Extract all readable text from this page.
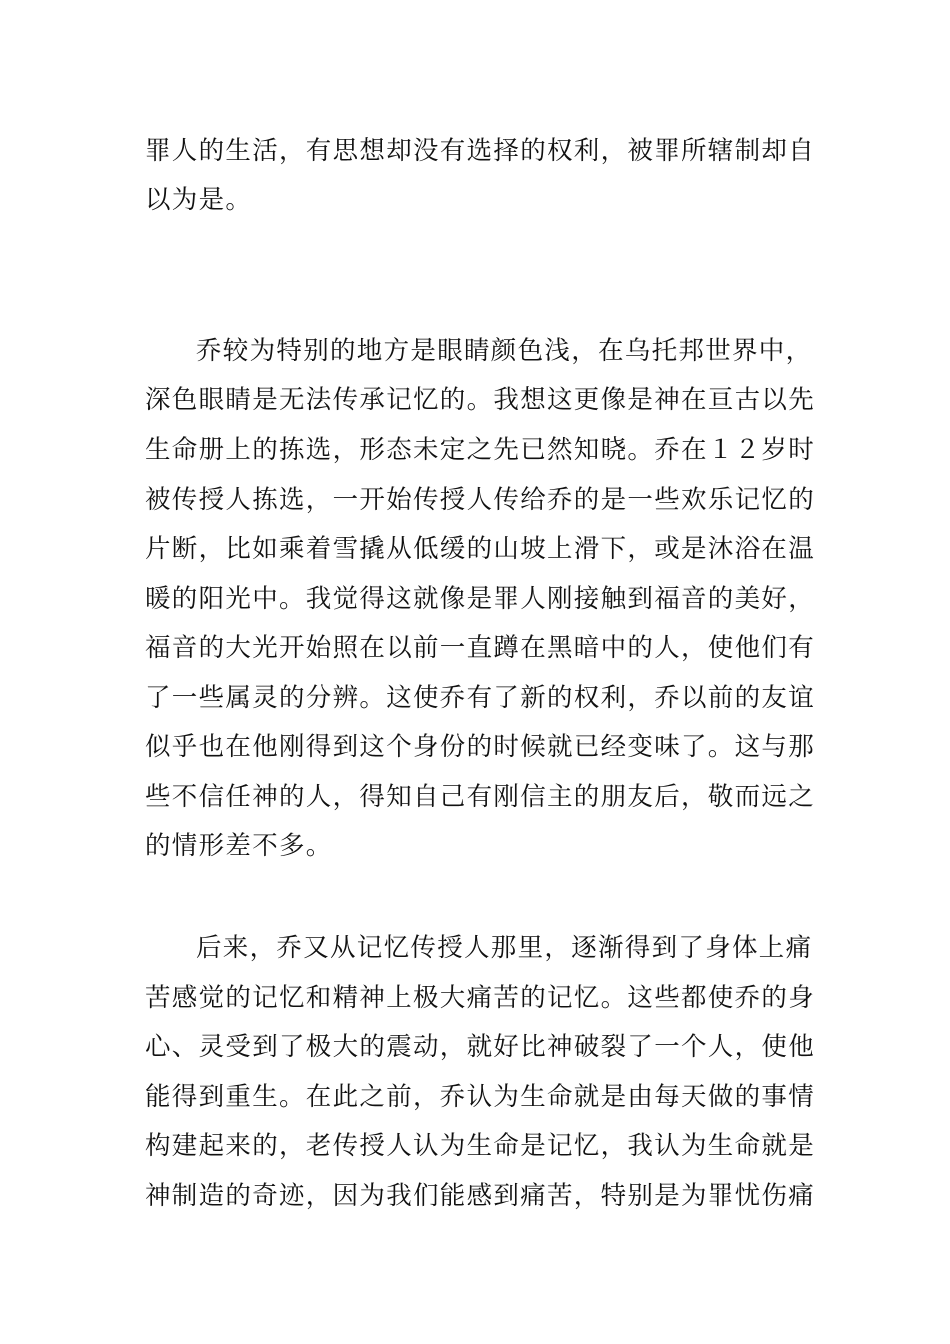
罪人的生活，有思想却没有选择的权利，被罪所辖制却自

以为是。

乔较为特别的地方是眼睛颜色浅，在乌托邦世界中，

深色眼睛是无法传承记忆的。我想这更像是神在亘古以先

生命册上的拣选，形态未定之先已然知晓。乔在１２岁时

被传授人拣选，一开始传授人传给乔的是一些欢乐记忆的

片断，比如乘着雪撬从低缓的山坡上滑下，或是沐浴在温

暖的阳光中。我觉得这就像是罪人刚接触到福音的美好，

福音的大光开始照在以前一直蹲在黑暗中的人，使他们有

了一些属灵的分辨。这使乔有了新的权利，乔以前的友谊

似乎也在他刚得到这个身份的时候就已经变味了。这与那

些不信任神的人，得知自己有刚信主的朋友后，敬而远之

的情形差不多。

后来，乔又从记忆传授人那里，逐渐得到了身体上痛

苦感觉的记忆和精神上极大痛苦的记忆。这些都使乔的身

心、灵受到了极大的震动，就好比神破裂了一个人，使他

能得到重生。在此之前，乔认为生命就是由每天做的事情

构建起来的，老传授人认为生命是记忆，我认为生命就是

神制造的奇迹，因为我们能感到痛苦，特别是为罪忧伤痛
